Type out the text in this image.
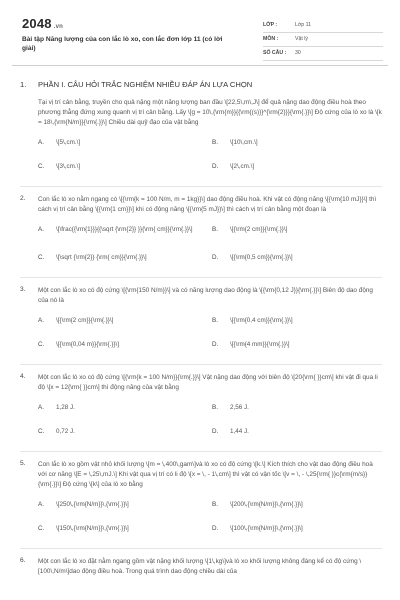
2048 .vn
Bài tập Năng lượng của con lắc lò xo, con lắc đơn lớp 11 (có lời giải)
LỚP :	Lớp 11
MÔN :	Vật lý
SỐ CÂU : 30
1. PHẦN I. CÂU HỎI TRẮC NGHIỆM NHIỀU ĐÁP ÁN LỰA CHỌN
Tại vị trí cân bằng, truyền cho quả nặng một năng lượng ban đầu \[22,5\,m\,J\] để quả nặng dao động điều hoà theo phương thẳng đứng xung quanh vị trí cân bằng. Lấy \[g = 10\,{\rm{m}}{{\rm{(s)}}^{\rm{2}}}{\rm{.}}\] Độ cứng của lò xo là \[k = 18\,{\rm{N/m}}{\rm{.}}\] Chiều dài quỹ đạo của vật bằng
A. \[5\,cm.\]	B. \[10\,cm.\]
C. \[3\,cm.\]	D. \[2\,cm.\]
2. Con lắc lò xo nằm ngang có \[{\rm{k = 100 N/m, m = 1kg}}\] dao động điều hoà. Khi vật có động năng \[{\rm{10 mJ}}\] thì cách vị trí cân bằng \[{\rm{1 cm}}\] khi có động năng \[{\rm{5 mJ}}\] thì cách vị trí cân bằng một đoạn là
A. \[\frac{{\rm{1}}}{{\sqrt {\rm{2}} }}{\rm{ cm}}{\rm{.}}\]	B. \[{\rm{2 cm}}{\rm{.}}\]
C. \[\sqrt {\rm{2}} {\rm{ cm}}{\rm{.}}\]	D. \[{\rm{0,5 cm}}{\rm{.}}\]
3. Một con lắc lò xo có độ cứng \[{\rm{150 N/m}}\] và có năng lượng dao động là \[{\rm{0,12 J}}{\rm{.}}\] Biên độ dao động của nó là
A. \[{\rm{2 cm}}{\rm{.}}\]	B. \[{\rm{0,4 cm}}{\rm{.}}\]
C. \[{\rm{0,04 m}}{\rm{.}}\]	D. \[{\rm{4 mm}}{\rm{.}}\]
4. Một con lắc lò xo có độ cứng \[{\rm{k = 100 N/m}}{\rm{.}}\] Vật nặng dao động với biên độ \[20{\rm{ }}cm\] khi vật đi qua li độ \[x = 12{\rm{ }}cm\] thì động năng của vật bằng
A. 1,28 J.	B. 2,56 J.
C. 0,72 J.	D. 1,44 J.
5. Con lắc lò xo gồm vật nhỏ khối lượng \[m = \,400\,gam\]và lò xo có độ cứng \[k.\] Kích thích cho vật dao động điều hoà với cơ năng \[E = \,25\,mJ.\] Khi vật qua vị trí có li độ \[x = \, - 1\,cm\] thì vật có vận tốc \[v = \, - \,25{\rm{ }}c{\rm{m/s}}{\rm{.}}\] Độ cứng \[k\] của lò xo bằng
A. \[250\,{\rm{N/m}}\,{\rm{.}}\]	B. \[200\,{\rm{N/m}}\,{\rm{.}}\]
C. \[150\,{\rm{N/m}}\,{\rm{.}}\]	D. \[100\,{\rm{N/m}}\,{\rm{.}}\]
6. Một con lắc lò xo đặt nằm ngang gồm vật nặng khối lượng \[1\,kg\]và lò xo khối lượng không đáng kể có độ cứng \[100\,N/m\]dao động điều hoà. Trong quá trình dao động chiều dài của
